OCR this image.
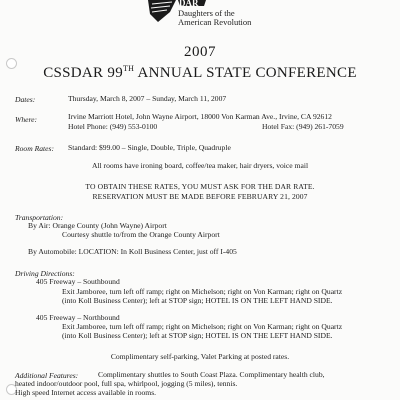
DAR
Daughters of the
American Revolution
2007
CSSDAR 99TH ANNUAL STATE CONFERENCE
Dates:	Thursday, March 8, 2007 – Sunday, March 11, 2007
Where:	Irvine Marriott Hotel, John Wayne Airport, 18000 Von Karman Ave., Irvine, CA 92612
Hotel Phone: (949) 553-0100	Hotel Fax: (949) 261-7059
Room Rates: Standard: $99.00 – Single, Double, Triple, Quadruple
All rooms have ironing board, coffee/tea maker, hair dryers, voice mail
TO OBTAIN THESE RATES, YOU MUST ASK FOR THE DAR RATE.
RESERVATION MUST BE MADE BEFORE FEBRUARY 21, 2007
Transportation:
By Air: Orange County (John Wayne) Airport
Courtesy shuttle to/from the Orange County Airport
By Automobile: LOCATION: In Koll Business Center, just off I-405
Driving Directions:
405 Freeway – Southbound
Exit Jamboree, turn left off ramp; right on Michelson; right on Von Karman; right on Quartz
(into Koll Business Center); left at STOP sign; HOTEL IS ON THE LEFT HAND SIDE.
405 Freeway – Northbound
Exit Jamboree, turn left off ramp; right on Michelson; right on Von Karman; right on Quartz
(into Koll Business Center); left at STOP sign; HOTEL IS ON THE LEFT HAND SIDE.
Complimentary self-parking, Valet Parking at posted rates.
Additional Features:	Complimentary shuttles to South Coast Plaza. Complimentary health club,
heated indoor/outdoor pool, full spa, whirlpool, jogging (5 miles), tennis.
High speed Internet access available in rooms.
